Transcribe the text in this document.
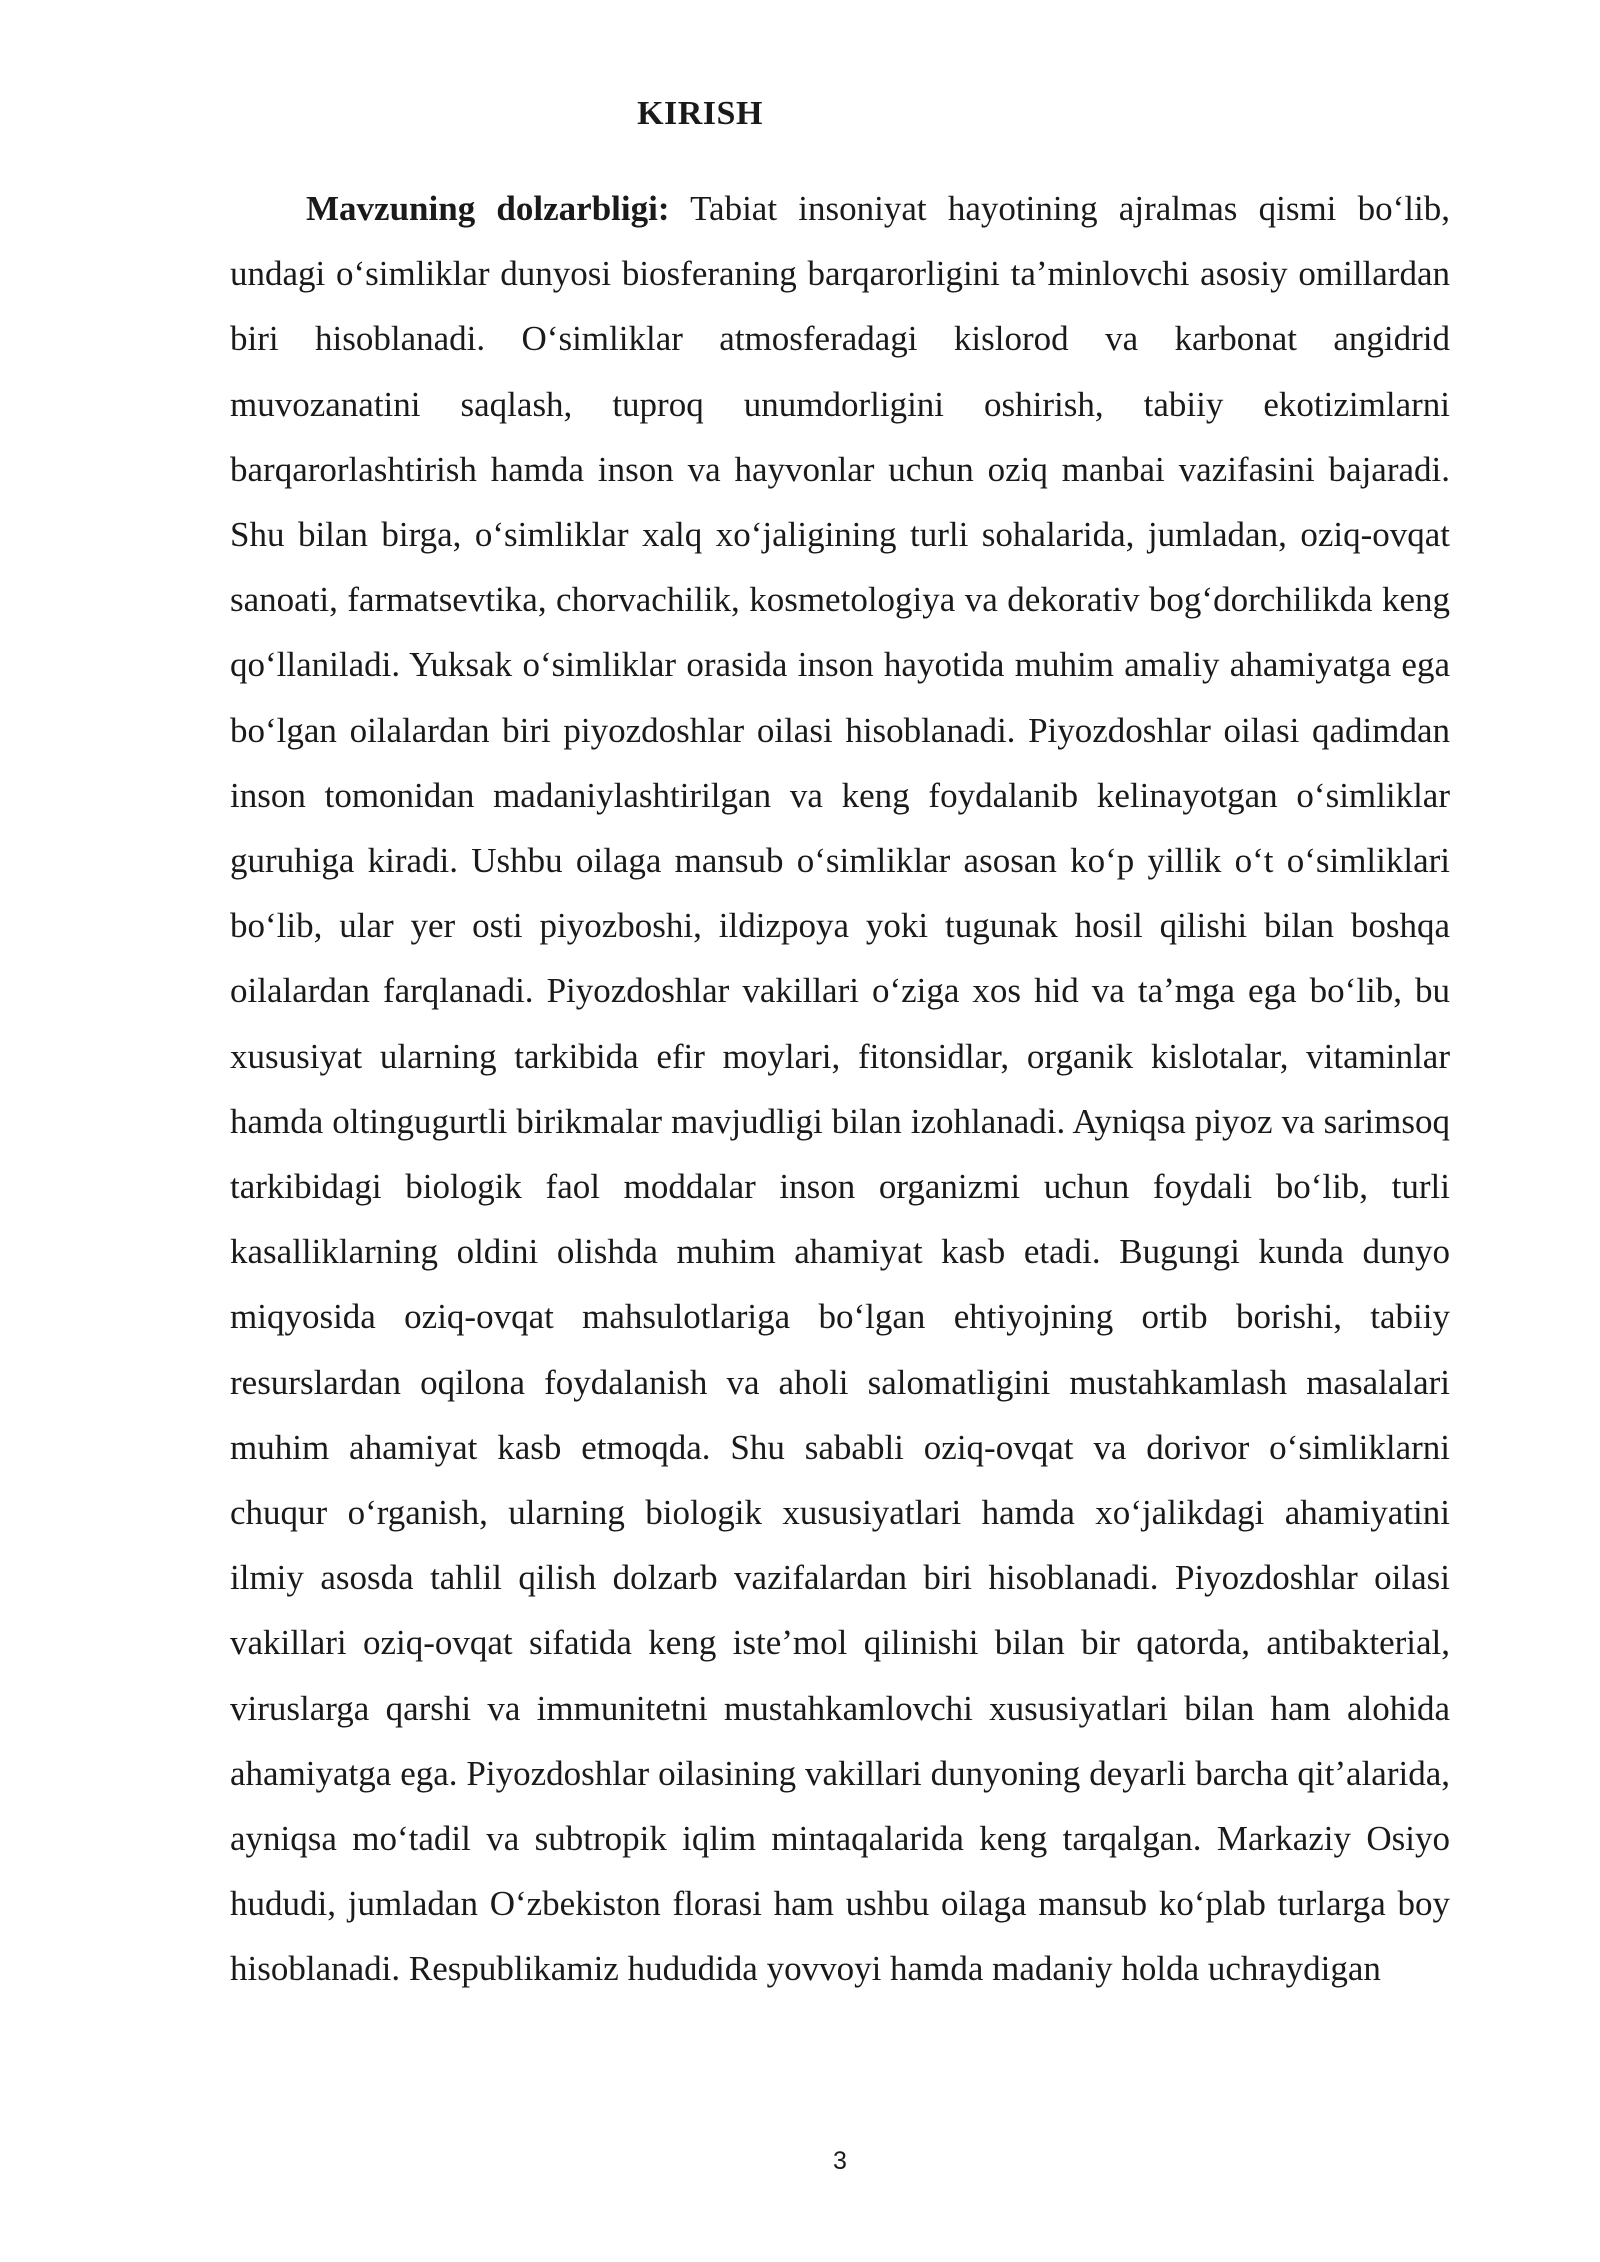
KIRISH

Mavzuning dolzarbligi: Tabiat insoniyat hayotining ajralmas qismi boʻlib, undagi oʻsimliklar dunyosi biosferaning barqarorligini taʼminlovchi asosiy omillardan biri hisoblanadi. Oʻsimliklar atmosferadagi kislorod va karbonat angidrid muvozanatini saqlash, tuproq unumdorligini oshirish, tabiiy ekotizimlarni barqarorlashtirish hamda inson va hayvonlar uchun oziq manbai vazifasini bajaradi. Shu bilan birga, oʻsimliklar xalq xoʻjaligining turli sohalarida, jumladan, oziq-ovqat sanoati, farmatsevtika, chorvachilik, kosmetologiya va dekorativ bogʻdorchilikda keng qoʻllaniladi. Yuksak oʻsimliklar orasida inson hayotida muhim amaliy ahamiyatga ega boʻlgan oilalardan biri piyozdoshlar oilasi hisoblanadi. Piyozdoshlar oilasi qadimdan inson tomonidan madaniylashtirilgan va keng foydalanib kelinayotgan oʻsimliklar guruhiga kiradi. Ushbu oilaga mansub oʻsimliklar asosan koʻp yillik oʻt oʻsimliklari boʻlib, ular yer osti piyozboshi, ildizpoya yoki tugunak hosil qilishi bilan boshqa oilalardan farqlanadi. Piyozdoshlar vakillari oʻziga xos hid va taʼmga ega boʻlib, bu xususiyat ularning tarkibida efir moylari, fitonsidlar, organik kislotalar, vitaminlar hamda oltingugurtli birikmalar mavjudligi bilan izohlanadi. Ayniqsa piyoz va sarimsoq tarkibidagi biologik faol moddalar inson organizmi uchun foydali boʻlib, turli kasalliklarning oldini olishda muhim ahamiyat kasb etadi. Bugungi kunda dunyo miqyosida oziq-ovqat mahsulotlariga boʻlgan ehtiyojning ortib borishi, tabiiy resurslardan oqilona foydalanish va aholi salomatligini mustahkamlash masalalari muhim ahamiyat kasb etmoqda. Shu sababli oziq-ovqat va dorivor oʻsimliklarni chuqur oʻrganish, ularning biologik xususiyatlari hamda xoʻjalikdagi ahamiyatini ilmiy asosda tahlil qilish dolzarb vazifalardan biri hisoblanadi. Piyozdoshlar oilasi vakillari oziq-ovqat sifatida keng isteʼmol qilinishi bilan bir qatorda, antibakterial, viruslarga qarshi va immunitetni mustahkamlovchi xususiyatlari bilan ham alohida ahamiyatga ega. Piyozdoshlar oilasining vakillari dunyoning deyarli barcha qitʼalarida, ayniqsa moʻtadil va subtropik iqlim mintaqalarida keng tarqalgan. Markaziy Osiyo hududi, jumladan Oʻzbekiston florasi ham ushbu oilaga mansub koʻplab turlarga boy hisoblanadi. Respublikamiz hududida yovvoyi hamda madaniy holda uchraydigan

3
